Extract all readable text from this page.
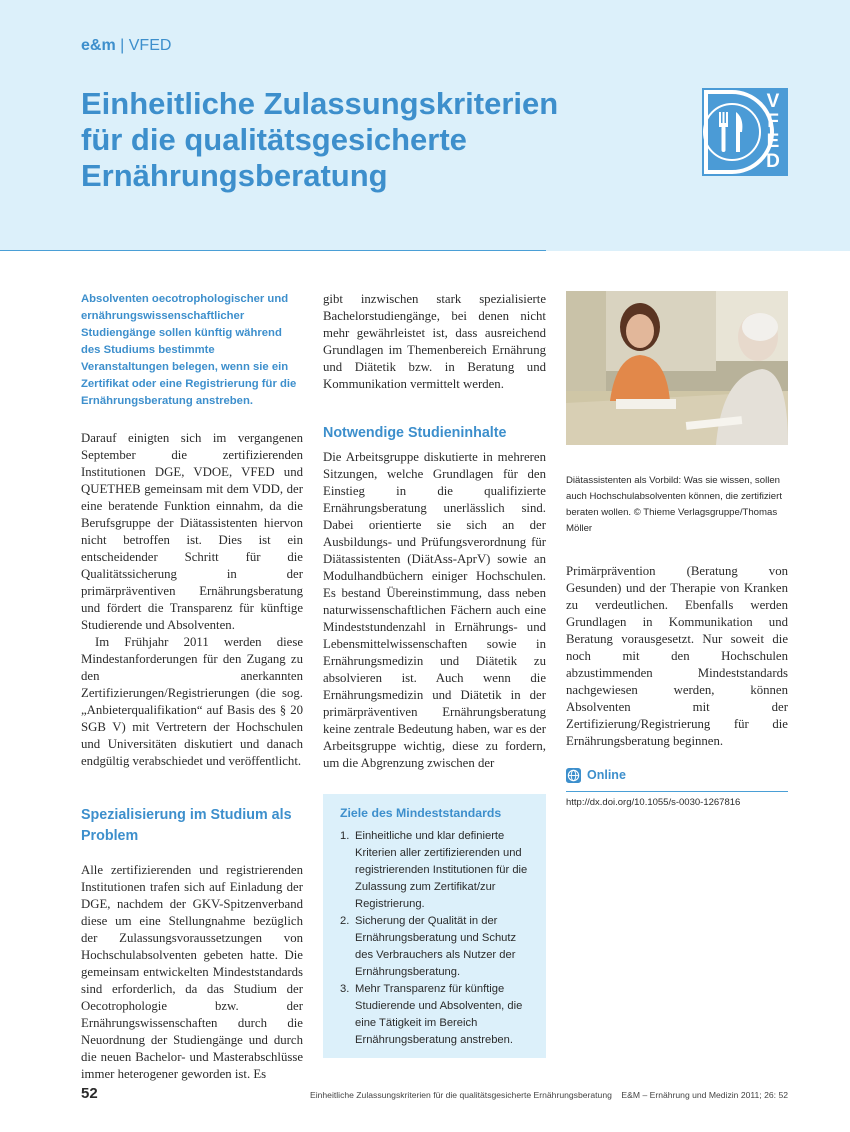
e&m | VFED
Einheitliche Zulassungskriterien
für die qualitätsgesicherte
Ernährungsberatung
V
F
E
D

Absolventen oecotrophologischer und ernährungswissenschaftlicher Studiengänge sollen künftig während des Studiums bestimmte Veranstaltungen belegen, wenn sie ein Zertifikat oder eine Registrierung für die Ernährungsberatung anstreben.

Darauf einigten sich im vergangenen September die zertifizierenden Institutionen DGE, VDOE, VFED und QUETHEB gemeinsam mit dem VDD, der eine beratende Funktion einnahm, da die Berufsgruppe der Diätassistenten hiervon nicht betroffen ist. Dies ist ein entscheidender Schritt für die Qualitätssicherung in der primärpräventiven Ernährungsberatung und fördert die Transparenz für künftige Studierende und Absolventen.

Im Frühjahr 2011 werden diese Mindestanforderungen für den Zugang zu den anerkannten Zertifizierungen/Registrierungen (die sog. „Anbieterqualifikation“ auf Basis des § 20 SGB V) mit Vertretern der Hochschulen und Universitäten diskutiert und danach endgültig verabschiedet und veröffentlicht.

Spezialisierung im Studium als Problem

Alle zertifizierenden und registrierenden Institutionen trafen sich auf Einladung der DGE, nachdem der GKV-Spitzenverband diese um eine Stellungnahme bezüglich der Zulassungsvoraussetzungen von Hochschulabsolventen gebeten hatte. Die gemeinsam entwickelten Mindeststandards sind erforderlich, da das Studium der Oecotrophologie bzw. der Ernährungswissenschaften durch die Neuordnung der Studiengänge und durch die neuen Bachelor- und Masterabschlüsse immer heterogener geworden ist. Es

gibt inzwischen stark spezialisierte Bachelorstudiengänge, bei denen nicht mehr gewährleistet ist, dass ausreichend Grundlagen im Themenbereich Ernährung und Diätetik bzw. in Beratung und Kommunikation vermittelt werden.

Notwendige Studieninhalte

Die Arbeitsgruppe diskutierte in mehreren Sitzungen, welche Grundlagen für den Einstieg in die qualifizierte Ernährungsberatung unerlässlich sind. Dabei orientierte sie sich an der Ausbildungs- und Prüfungsverordnung für Diätassistenten (DiätAss-AprV) sowie an Modulhandbüchern einiger Hochschulen. Es bestand Übereinstimmung, dass neben naturwissenschaftlichen Fächern auch eine Mindeststundenzahl in Ernährungs- und Lebensmittelwissenschaften sowie in Ernährungsmedizin und Diätetik zu absolvieren ist. Auch wenn die Ernährungsmedizin und Diätetik in der primärpräventiven Ernährungsberatung keine zentrale Bedeutung haben, war es der Arbeitsgruppe wichtig, diese zu fordern, um die Abgrenzung zwischen der

Ziele des Mindeststandards
1. Einheitliche und klar definierte Kriterien aller zertifizierenden und registrierenden Institutionen für die Zulassung zum Zertifikat/zur Registrierung.
2. Sicherung der Qualität in der Ernährungsberatung und Schutz des Verbrauchers als Nutzer der Ernährungsberatung.
3. Mehr Transparenz für künftige Studierende und Absolventen, die eine Tätigkeit im Bereich Ernährungsberatung anstreben.

Diätassistenten als Vorbild: Was sie wissen, sollen auch Hochschulabsolventen können, die zertifiziert beraten wollen. © Thieme Verlagsgruppe/Thomas Möller

Primärprävention (Beratung von Gesunden) und der Therapie von Kranken zu verdeutlichen. Ebenfalls werden Grundlagen in Kommunikation und Beratung vorausgesetzt. Nur soweit die noch mit den Hochschulen abzustimmenden Mindeststandards nachgewiesen werden, können Absolventen mit der Zertifizierung/Registrierung für die Ernährungsberatung beginnen.

Online
http://dx.doi.org/10.1055/s-0030-1267816
52	Einheitliche Zulassungskriterien für die qualitätsgesicherte Ernährungsberatung    E&M – Ernährung und Medizin 2011; 26: 52
